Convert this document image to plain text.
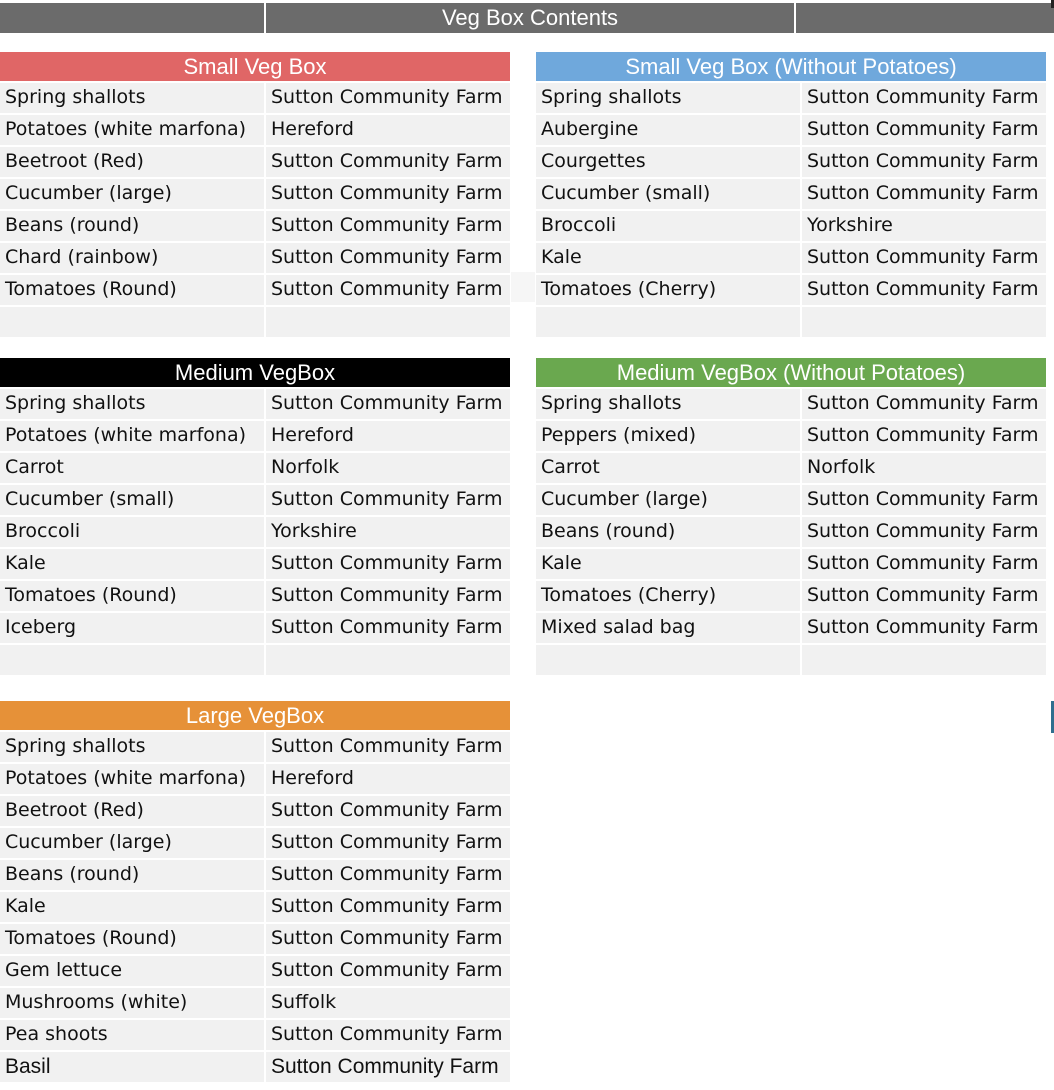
Veg Box Contents
Small Veg Box
Spring shallots	Sutton Community Farm
Potatoes (white marfona)	Hereford
Beetroot (Red)	Sutton Community Farm
Cucumber (large)	Sutton Community Farm
Beans (round)	Sutton Community Farm
Chard (rainbow)	Sutton Community Farm
Tomatoes (Round)	Sutton Community Farm
Small Veg Box (Without Potatoes)
Spring shallots	Sutton Community Farm
Aubergine	Sutton Community Farm
Courgettes	Sutton Community Farm
Cucumber (small)	Sutton Community Farm
Broccoli	Yorkshire
Kale	Sutton Community Farm
Tomatoes (Cherry)	Sutton Community Farm
Medium VegBox
Spring shallots	Sutton Community Farm
Potatoes (white marfona)	Hereford
Carrot	Norfolk
Cucumber (small)	Sutton Community Farm
Broccoli	Yorkshire
Kale	Sutton Community Farm
Tomatoes (Round)	Sutton Community Farm
Iceberg	Sutton Community Farm
Medium VegBox (Without Potatoes)
Spring shallots	Sutton Community Farm
Peppers (mixed)	Sutton Community Farm
Carrot	Norfolk
Cucumber (large)	Sutton Community Farm
Beans (round)	Sutton Community Farm
Kale	Sutton Community Farm
Tomatoes (Cherry)	Sutton Community Farm
Mixed salad bag	Sutton Community Farm
Large VegBox
Spring shallots	Sutton Community Farm
Potatoes (white marfona)	Hereford
Beetroot (Red)	Sutton Community Farm
Cucumber (large)	Sutton Community Farm
Beans (round)	Sutton Community Farm
Kale	Sutton Community Farm
Tomatoes (Round)	Sutton Community Farm
Gem lettuce	Sutton Community Farm
Mushrooms (white)	Suffolk
Pea shoots	Sutton Community Farm
Basil	Sutton Community Farm
